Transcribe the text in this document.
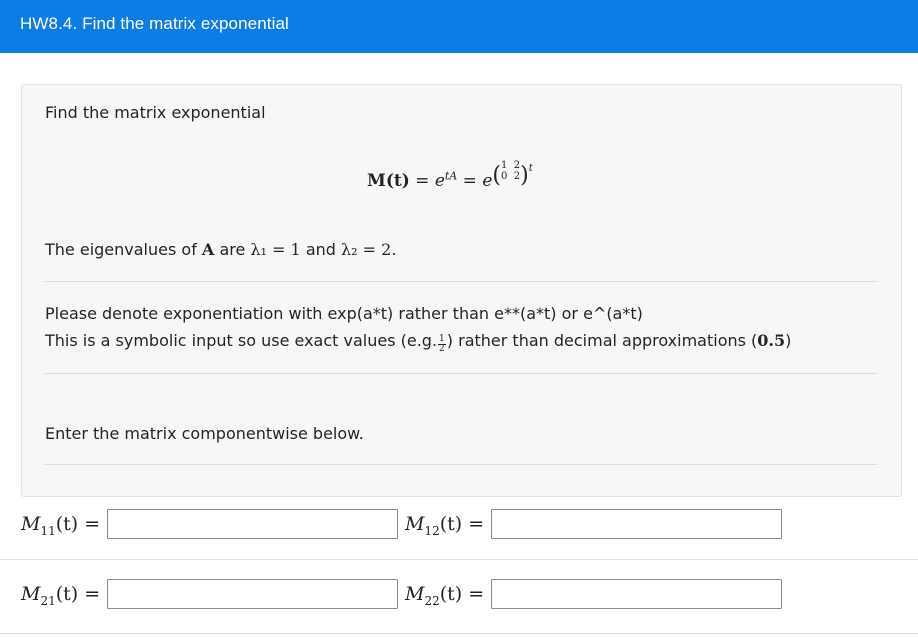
HW8.4. Find the matrix exponential
Find the matrix exponential
$M(t) = e^{tA} = e(1$ 2
0 2)t
The eigenvalues of A are λ₁ = 1 and λ₂ = 2.
Please denote exponentiation with exp(a*t) rather than e**(a*t) or e^(a*t)
This is a symbolic input so use exact values (e.g. $\frac{1}{2}$ ) rather than decimal approximations (0.5)
Enter the matrix componentwise below.
$M_{11}(t)$ =	$M_{12}(t)$ =
$M_{21}(t)$ =	$M_{22}(t)$ =
